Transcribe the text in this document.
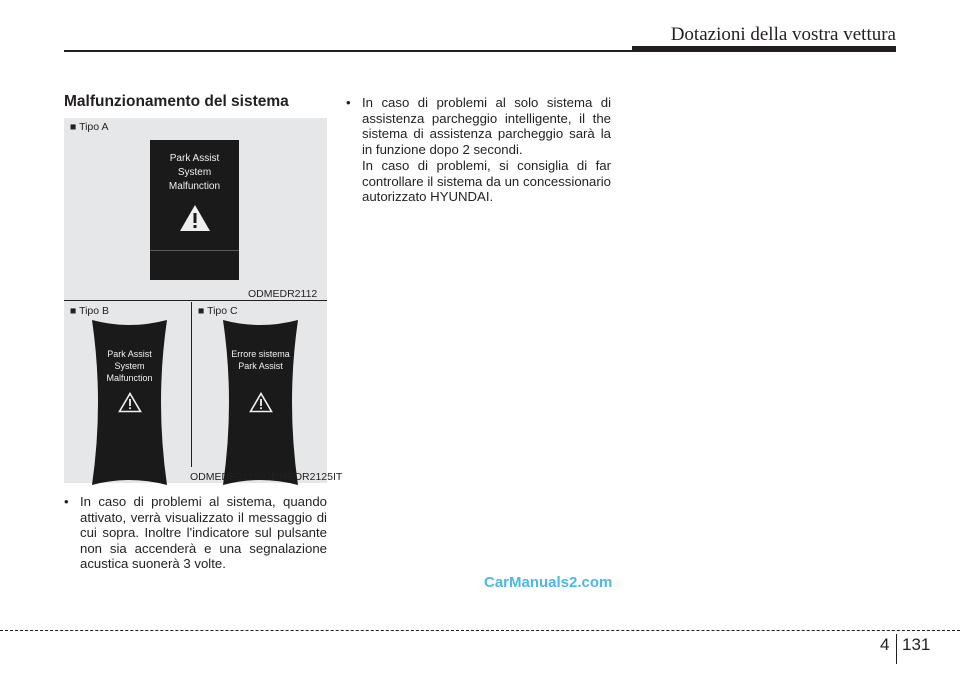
Dotazioni della vostra vettura
Malfunzionamento del sistema
■ Tipo A
Park Assist
System
Malfunction
ODMEDR2112
■ Tipo B	■ Tipo C
Park Assist
System
Malfunction
Errore sistema
Park Assist
ODMEDR2125/ODMEDR2125IT
• In caso di problemi al sistema, quando attivato, verrà visualizzato il messaggio di cui sopra. Inoltre l'indicatore sul pulsante non sia accenderà e una segnalazione acustica suonerà 3 volte.
• In caso di problemi al solo sistema di assistenza parcheggio intelligente, il the sistema di assistenza parcheggio sarà la in funzione dopo 2 secondi.
In caso di problemi, si consiglia di far controllare il sistema da un concessionario autorizzato HYUNDAI.
CarManuals2.com
4 131
